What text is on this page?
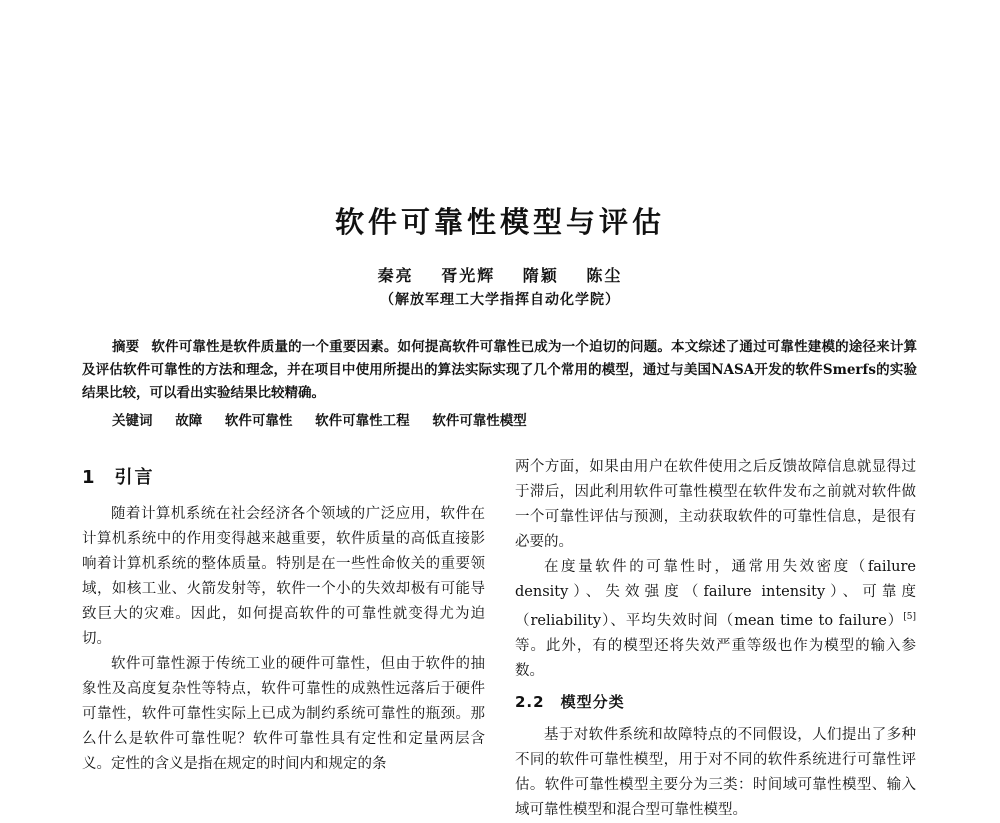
软件可靠性模型与评估
秦亮 胥光辉 隋颖 陈尘
（解放军理工大学指挥自动化学院）

摘要 软件可靠性是软件质量的一个重要因素。如何提高软件可靠性已成为一个迫切的问题。本文综述了通过可靠性建模的途径来计算及评估软件可靠性的方法和理念，并在项目中使用所提出的算法实际实现了几个常用的模型，通过与美国NASA开发的软件Smerfs的实验结果比较，可以看出实验结果比较精确。

关键词 故障 软件可靠性 软件可靠性工程 软件可靠性模型
1 引言

随着计算机系统在社会经济各个领域的广泛应用，软件在计算机系统中的作用变得越来越重要，软件质量的高低直接影响着计算机系统的整体质量。特别是在一些性命攸关的重要领域，如核工业、火箭发射等，软件一个小的失效却极有可能导致巨大的灾难。因此，如何提高软件的可靠性就变得尤为迫切。

软件可靠性源于传统工业的硬件可靠性，但由于软件的抽象性及高度复杂性等特点，软件可靠性的成熟性远落后于硬件可靠性，软件可靠性实际上已成为制约系统可靠性的瓶颈。那么什么是软件可靠性呢？软件可靠性具有定性和定量两层含义。定性的含义是指在规定的时间内和规定的条

两个方面，如果由用户在软件使用之后反馈故障信息就显得过于滞后，因此利用软件可靠性模型在软件发布之前就对软件做一个可靠性评估与预测，主动获取软件的可靠性信息，是很有必要的。

在度量软件的可靠性时，通常用失效密度（failure density）、失效强度（failure intensity）、可靠度（reliability）、平均失效时间（mean time to failure）[5]等。此外，有的模型还将失效严重等级也作为模型的输入参数。

2.2 模型分类

基于对软件系统和故障特点的不同假设，人们提出了多种不同的软件可靠性模型，用于对不同的软件系统进行可靠性评估。软件可靠性模型主要分为三类：时间域可靠性模型、输入域可靠性模型和混合型可靠性模型。
